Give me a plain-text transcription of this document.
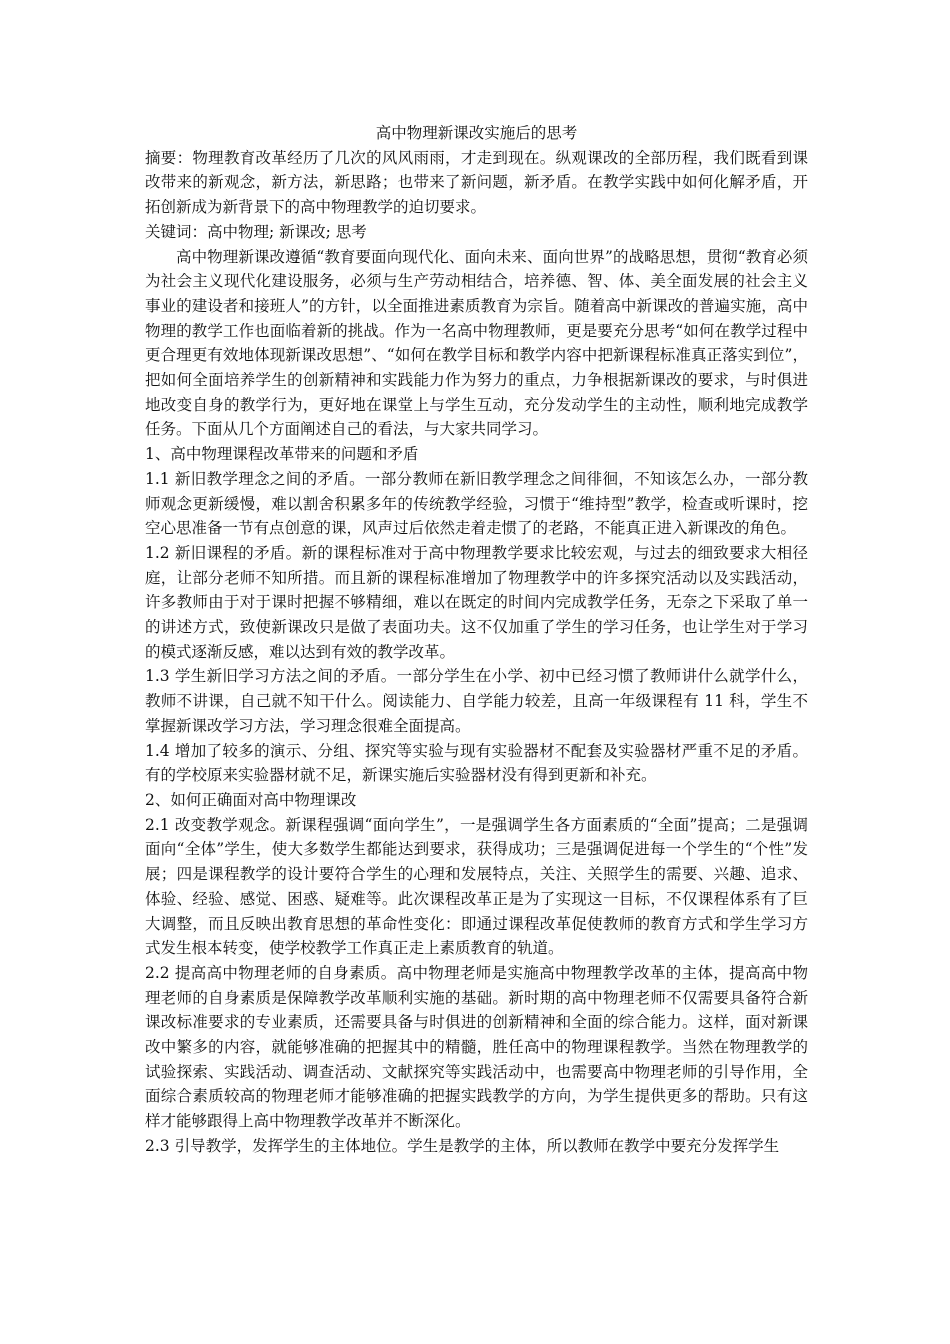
高中物理新课改实施后的思考

摘要：物理教育改革经历了几次的风风雨雨，才走到现在。纵观课改的全部历程，我们既看到课改带来的新观念，新方法，新思路；也带来了新问题，新矛盾。在教学实践中如何化解矛盾，开拓创新成为新背景下的高中物理教学的迫切要求。

关键词：高中物理; 新课改; 思考

高中物理新课改遵循“教育要面向现代化、面向未来、面向世界”的战略思想，贯彻“教育必须为社会主义现代化建设服务，必须与生产劳动相结合，培养德、智、体、美全面发展的社会主义事业的建设者和接班人”的方针，以全面推进素质教育为宗旨。随着高中新课改的普遍实施，高中物理的教学工作也面临着新的挑战。作为一名高中物理教师，更是要充分思考“如何在教学过程中更合理更有效地体现新课改思想”、“如何在教学目标和教学内容中把新课程标准真正落实到位”，把如何全面培养学生的创新精神和实践能力作为努力的重点，力争根据新课改的要求，与时俱进地改变自身的教学行为，更好地在课堂上与学生互动，充分发动学生的主动性，顺利地完成教学任务。下面从几个方面阐述自己的看法，与大家共同学习。

1、高中物理课程改革带来的问题和矛盾

1.1 新旧教学理念之间的矛盾。一部分教师在新旧教学理念之间徘徊，不知该怎么办，一部分教师观念更新缓慢，难以割舍积累多年的传统教学经验，习惯于“维持型”教学，检查或听课时，挖空心思准备一节有点创意的课，风声过后依然走着走惯了的老路，不能真正进入新课改的角色。

1.2 新旧课程的矛盾。新的课程标准对于高中物理教学要求比较宏观，与过去的细致要求大相径庭，让部分老师不知所措。而且新的课程标准增加了物理教学中的许多探究活动以及实践活动，许多教师由于对于课时把握不够精细，难以在既定的时间内完成教学任务，无奈之下采取了单一的讲述方式，致使新课改只是做了表面功夫。这不仅加重了学生的学习任务，也让学生对于学习的模式逐渐反感，难以达到有效的教学改革。

1.3 学生新旧学习方法之间的矛盾。一部分学生在小学、初中已经习惯了教师讲什么就学什么，教师不讲课，自己就不知干什么。阅读能力、自学能力较差，且高一年级课程有 11 科，学生不掌握新课改学习方法，学习理念很难全面提高。

1.4 增加了较多的演示、分组、探究等实验与现有实验器材不配套及实验器材严重不足的矛盾。有的学校原来实验器材就不足，新课实施后实验器材没有得到更新和补充。

2、如何正确面对高中物理课改

2.1 改变教学观念。新课程强调“面向学生”，一是强调学生各方面素质的“全面”提高；二是强调面向“全体”学生，使大多数学生都能达到要求，获得成功；三是强调促进每一个学生的“个性”发展；四是课程教学的设计要符合学生的心理和发展特点，关注、关照学生的需要、兴趣、追求、体验、经验、感觉、困惑、疑难等。此次课程改革正是为了实现这一目标，不仅课程体系有了巨大调整，而且反映出教育思想的革命性变化：即通过课程改革促使教师的教育方式和学生学习方式发生根本转变，使学校教学工作真正走上素质教育的轨道。

2.2 提高高中物理老师的自身素质。高中物理老师是实施高中物理教学改革的主体，提高高中物理老师的自身素质是保障教学改革顺利实施的基础。新时期的高中物理老师不仅需要具备符合新课改标准要求的专业素质，还需要具备与时俱进的创新精神和全面的综合能力。这样，面对新课改中繁多的内容，就能够准确的把握其中的精髓，胜任高中的物理课程教学。当然在物理教学的试验探索、实践活动、调查活动、文献探究等实践活动中，也需要高中物理老师的引导作用，全面综合素质较高的物理老师才能够准确的把握实践教学的方向，为学生提供更多的帮助。只有这样才能够跟得上高中物理教学改革并不断深化。

2.3 引导教学，发挥学生的主体地位。学生是教学的主体，所以教师在教学中要充分发挥学生
